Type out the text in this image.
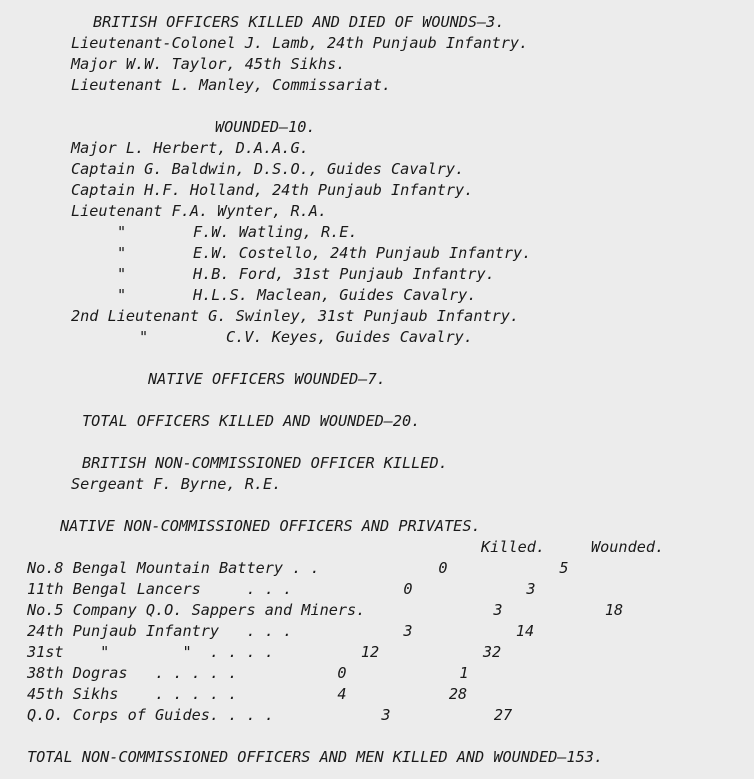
BRITISH OFFICERS KILLED AND DIED OF WOUNDS—3.
Lieutenant-Colonel J. Lamb, 24th Punjaub Infantry.
Major W.W. Taylor, 45th Sikhs.
Lieutenant L. Manley, Commissariat.
WOUNDED—10.
Major L. Herbert, D.A.A.G.
Captain G. Baldwin, D.S.O., Guides Cavalry.
Captain H.F. Holland, 24th Punjaub Infantry.
Lieutenant F.A. Wynter, R.A.
"	F.W. Watling, R.E.
"	E.W. Costello, 24th Punjaub Infantry.
"	H.B. Ford, 31st Punjaub Infantry.
"	H.L.S. Maclean, Guides Cavalry.
2nd Lieutenant G. Swinley, 31st Punjaub Infantry.
"	C.V. Keyes, Guides Cavalry.
NATIVE OFFICERS WOUNDED—7.
TOTAL OFFICERS KILLED AND WOUNDED—20.
BRITISH NON-COMMISSIONED OFFICER KILLED.
Sergeant F. Byrne, R.E.
NATIVE NON-COMMISSIONED OFFICERS AND PRIVATES.
Killed.	Wounded.
No.8 Bengal Mountain Battery . .	0	5
11th Bengal Lancers     . . .	0	3
No.5 Company Q.O. Sappers and Miners.	3	18
24th Punjaub Infantry   . . .	3	14
31st    "        "  . . . .	12	32
38th Dogras   . . . . .	0	1
45th Sikhs    . . . . .	4	28
Q.O. Corps of Guides. . . .	3	27
TOTAL NON-COMMISSIONED OFFICERS AND MEN KILLED AND WOUNDED—153.
